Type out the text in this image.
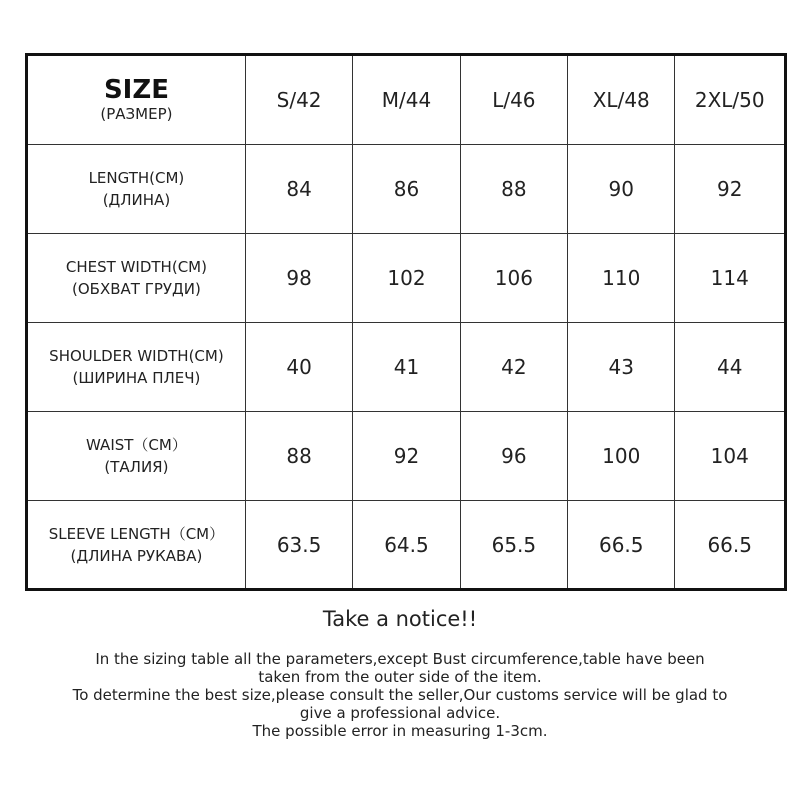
SIZE
(РАЗМЕР)	S/42	M/44	L/46	XL/48	2XL/50

LENGTH(CM)
(ДЛИНА)	84	86	88	90	92

CHEST WIDTH(CM)
(ОБХВАТ ГРУДИ)	98	102	106	110	114

SHOULDER WIDTH(CM)
(ШИРИНА ПЛЕЧ)	40	41	42	43	44

WAIST（CM）
(ТАЛИЯ)	88	92	96	100	104

SLEEVE LENGTH（CM）
(ДЛИНА РУКАВА)	63.5	64.5	65.5	66.5	66.5
Take a notice!!
In the sizing table all the parameters,except Bust circumference,table have been
taken from the outer side of the item.
To determine the best size,please consult the seller,Our customs service will be glad to
give a professional advice.
The possible error in measuring 1-3cm.
